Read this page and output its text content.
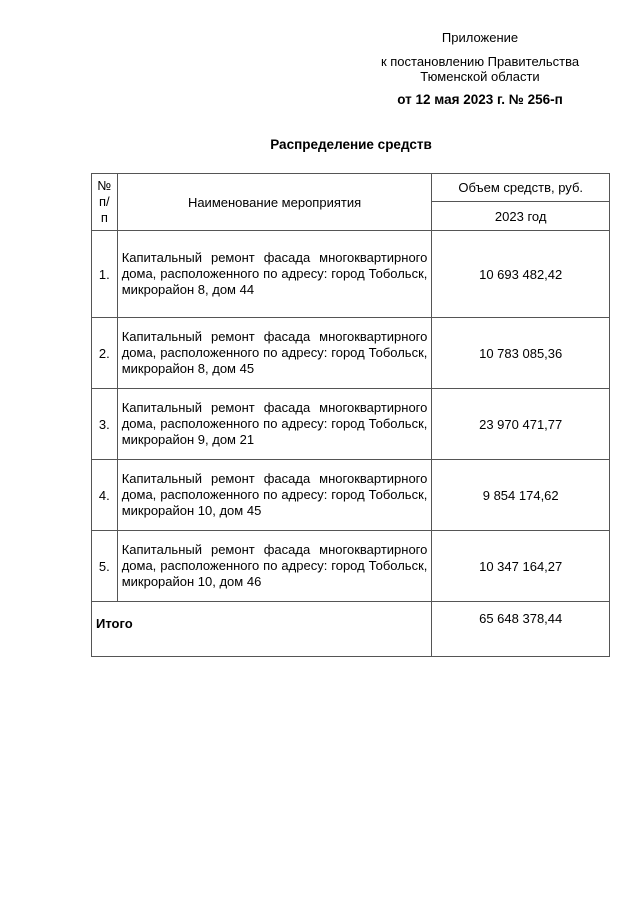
Приложение
к постановлению Правительства
Тюменской области
от 12 мая 2023 г. № 256-п
Распределение средств
№
п/
п	Наименование мероприятия	Объем средств, руб.
		2023 год
1.	Капитальный ремонт фасада многоквартирного дома, расположенного по адресу: город Тобольск, микрорайон 8, дом 44	10 693 482,42
2.	Капитальный ремонт фасада многоквартирного дома, расположенного по адресу: город Тобольск, микрорайон 8, дом 45	10 783 085,36
3.	Капитальный ремонт фасада многоквартирного дома, расположенного по адресу: город Тобольск, микрорайон 9, дом 21	23 970 471,77
4.	Капитальный ремонт фасада многоквартирного дома, расположенного по адресу: город Тобольск, микрорайон 10, дом 45	9 854 174,62
5.	Капитальный ремонт фасада многоквартирного дома, расположенного по адресу: город Тобольск, микрорайон 10, дом 46	10 347 164,27
Итого		65 648 378,44
